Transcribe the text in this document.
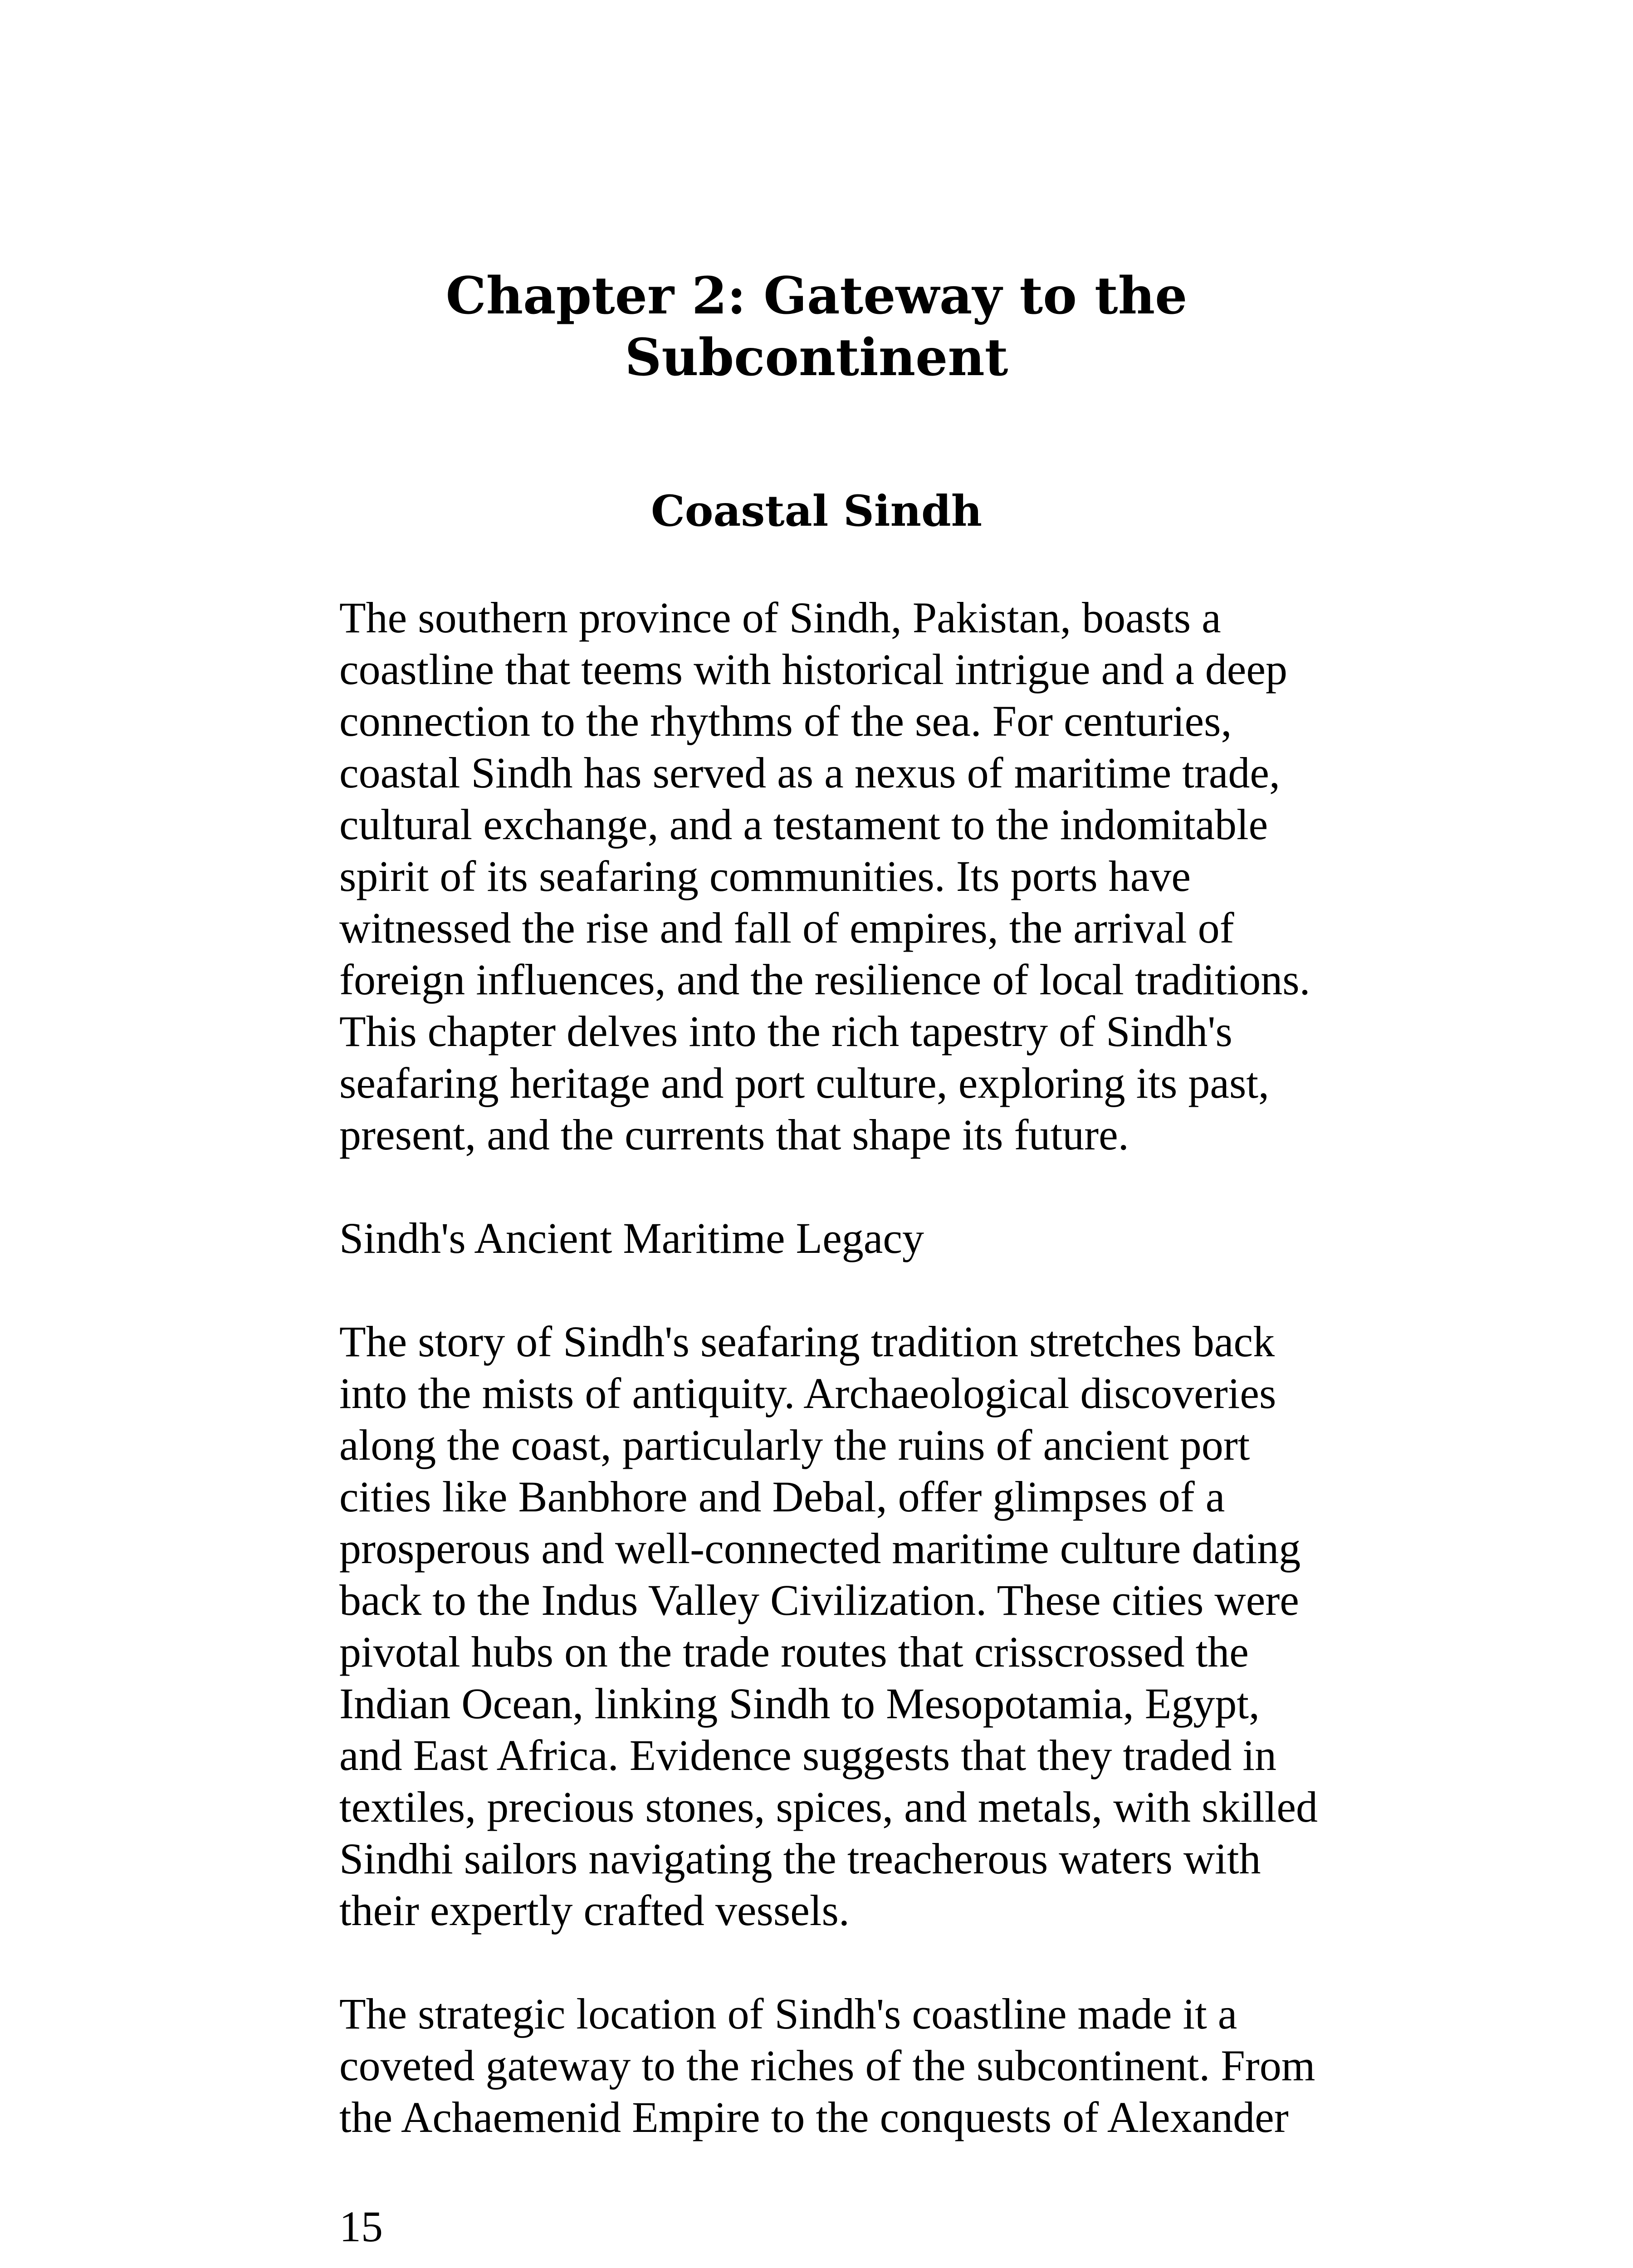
Chapter 2: Gateway to the
Subcontinent
Coastal Sindh

The southern province of Sindh, Pakistan, boasts a
coastline that teems with historical intrigue and a deep
connection to the rhythms of the sea. For centuries,
coastal Sindh has served as a nexus of maritime trade,
cultural exchange, and a testament to the indomitable
spirit of its seafaring communities. Its ports have
witnessed the rise and fall of empires, the arrival of
foreign influences, and the resilience of local traditions.
This chapter delves into the rich tapestry of Sindh's
seafaring heritage and port culture, exploring its past,
present, and the currents that shape its future.

Sindh's Ancient Maritime Legacy

The story of Sindh's seafaring tradition stretches back
into the mists of antiquity. Archaeological discoveries
along the coast, particularly the ruins of ancient port
cities like Banbhore and Debal, offer glimpses of a
prosperous and well-connected maritime culture dating
back to the Indus Valley Civilization. These cities were
pivotal hubs on the trade routes that crisscrossed the
Indian Ocean, linking Sindh to Mesopotamia, Egypt,
and East Africa. Evidence suggests that they traded in
textiles, precious stones, spices, and metals, with skilled
Sindhi sailors navigating the treacherous waters with
their expertly crafted vessels.

The strategic location of Sindh's coastline made it a
coveted gateway to the riches of the subcontinent. From
the Achaemenid Empire to the conquests of Alexander

15
